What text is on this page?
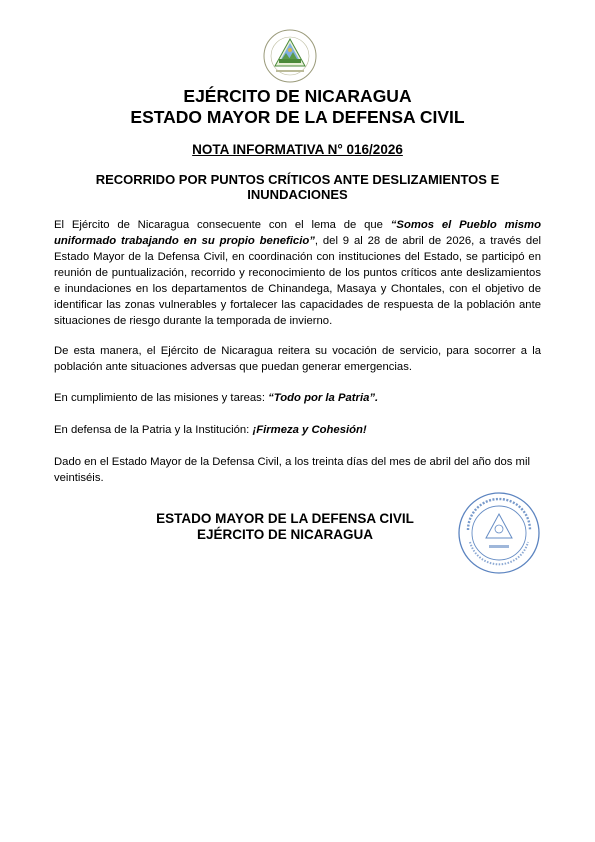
EJÉRCITO DE NICARAGUA
ESTADO MAYOR DE LA DEFENSA CIVIL

NOTA INFORMATIVA N° 016/2026

RECORRIDO POR PUNTOS CRÍTICOS ANTE DESLIZAMIENTOS E INUNDACIONES

El Ejército de Nicaragua consecuente con el lema de que “Somos el Pueblo mismo uniformado trabajando en su propio beneficio”, del 9 al 28 de abril de 2026, a través del Estado Mayor de la Defensa Civil, en coordinación con instituciones del Estado, se participó en reunión de puntualización, recorrido y reconocimiento de los puntos críticos ante deslizamientos e inundaciones en los departamentos de Chinandega, Masaya y Chontales, con el objetivo de identificar las zonas vulnerables y fortalecer las capacidades de respuesta de la población ante situaciones de riesgo durante la temporada de invierno.

De esta manera, el Ejército de Nicaragua reitera su vocación de servicio, para socorrer a la población ante situaciones adversas que puedan generar emergencias.

En cumplimiento de las misiones y tareas: “Todo por la Patria”.

En defensa de la Patria y la Institución: ¡Firmeza y Cohesión!

Dado en el Estado Mayor de la Defensa Civil, a los treinta días del mes de abril del año dos mil veintiséis.

ESTADO MAYOR DE LA DEFENSA CIVIL

EJÉRCITO DE NICARAGUA
